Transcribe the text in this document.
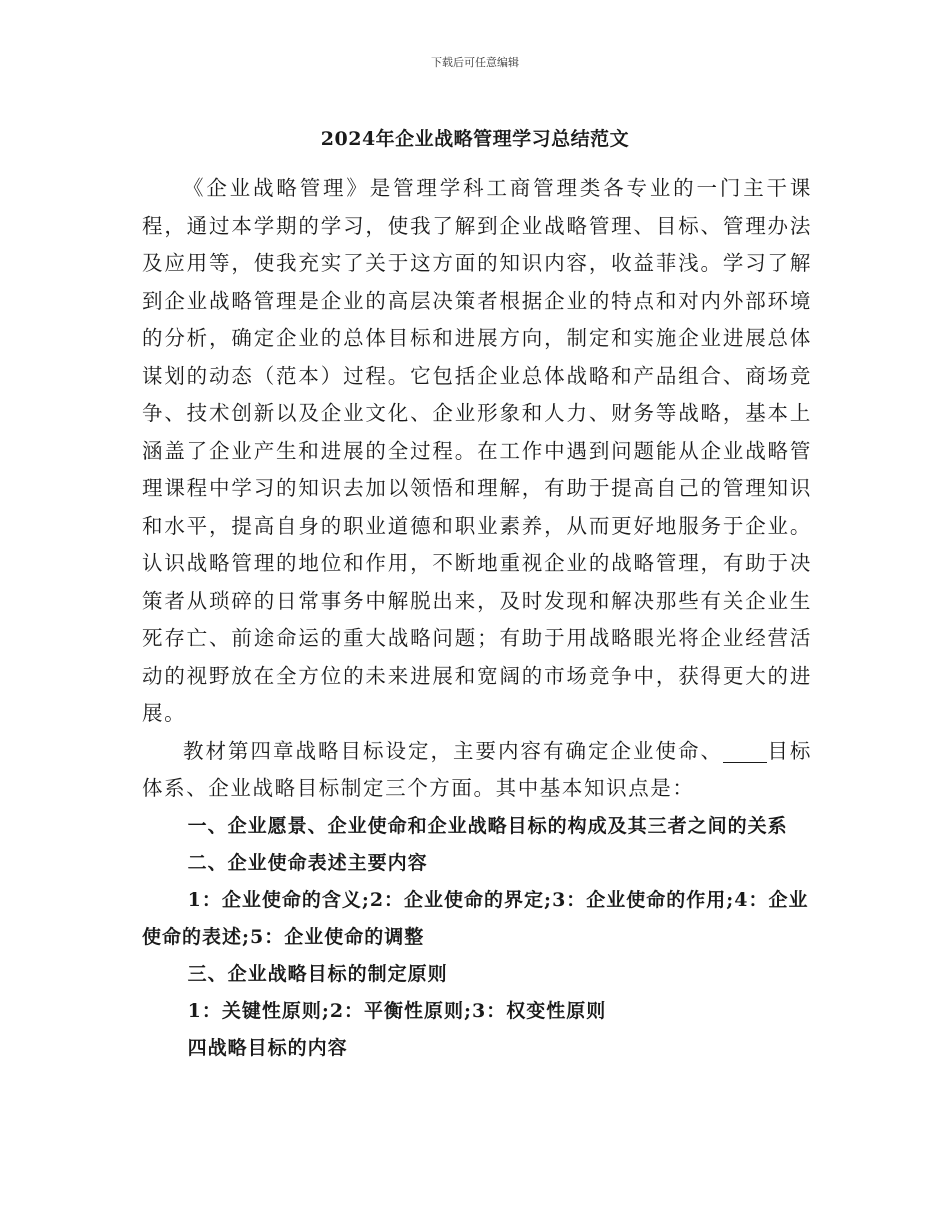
下载后可任意编辑
2024年企业战略管理学习总结范文

《企业战略管理》是管理学科工商管理类各专业的一门主干课程，通过本学期的学习，使我了解到企业战略管理、目标、管理办法及应用等，使我充实了关于这方面的知识内容，收益菲浅。学习了解到企业战略管理是企业的高层决策者根据企业的特点和对内外部环境的分析，确定企业的总体目标和进展方向，制定和实施企业进展总体谋划的动态（范本）过程。它包括企业总体战略和产品组合、商场竞争、技术创新以及企业文化、企业形象和人力、财务等战略，基本上涵盖了企业产生和进展的全过程。在工作中遇到问题能从企业战略管理课程中学习的知识去加以领悟和理解，有助于提高自己的管理知识和水平，提高自身的职业道德和职业素养，从而更好地服务于企业。认识战略管理的地位和作用，不断地重视企业的战略管理，有助于决策者从琐碎的日常事务中解脱出来，及时发现和解决那些有关企业生死存亡、前途命运的重大战略问题；有助于用战略眼光将企业经营活动的视野放在全方位的未来进展和宽阔的市场竞争中，获得更大的进展。

教材第四章战略目标设定，主要内容有确定企业使命、 目标体系、企业战略目标制定三个方面。其中基本知识点是：

一、企业愿景、企业使命和企业战略目标的构成及其三者之间的关系

二、企业使命表述主要内容

1：企业使命的含义;2：企业使命的界定;3：企业使命的作用;4：企业使命的表述;5：企业使命的调整

三、企业战略目标的制定原则

1：关键性原则;2：平衡性原则;3：权变性原则

四战略目标的内容
